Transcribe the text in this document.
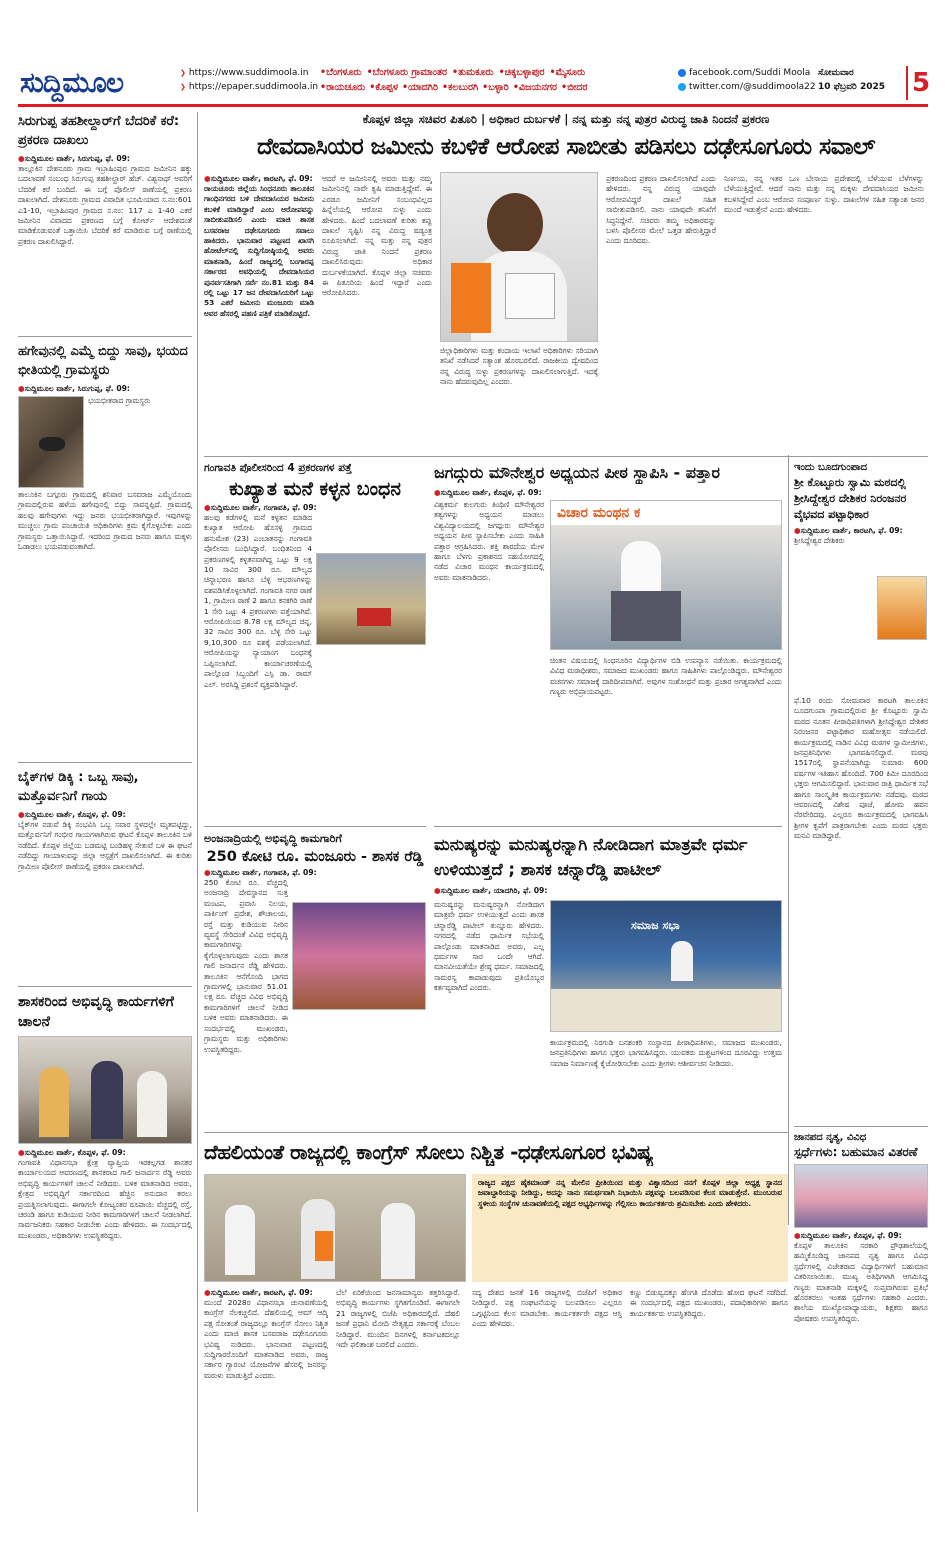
ಸುದ್ದಿಮೂಲ	❯ https://www.suddimoola.in
❯ https://epaper.suddimoola.in
•ಬೆಂಗಳೂರು •ಬೆಂಗಳೂರು ಗ್ರಾಮಾಂತರ •ತುಮಕೂರು •ಚಿಕ್ಕಬಳ್ಳಾಪುರ •ಮೈಸೂರು
•ರಾಯಚೂರು •ಕೊಪ್ಪಳ •ಯಾದಗಿರಿ •ಕಲಬುರಗಿ •ಬಳ್ಳಾರಿ •ವಿಜಯನಗರ •ಬೀದರ
facebook.com/Suddi Moola
twitter.com/@suddimoola22
ಸೋಮವಾರ
10 ಫೆಬ್ರವರಿ 2025	5
ಸಿರುಗುಪ್ಪ ತಹಶೀಲ್ದಾರ್‌ಗೆ ಬೆದರಿಕೆ ಕರೆ: ಪ್ರಕರಣ ದಾಖಲು
●ಸುದ್ದಿಮೂಲ ವಾರ್ತೆ, ಸಿರುಗುಪ್ಪ, ಫೆ. 09:
ತಾಲ್ಲೂಕಿನ ದೇಶನೂರು ಗ್ರಾಮ ಇಬ್ರಾಹಿಂಪುರ ಗ್ರಾಮದ ಜಮೀನಿನ ಹಕ್ಕು ಬದಲಾವಣೆ ಸಂಬಂಧ ಸಿರುಗುಪ್ಪ ತಹಶೀಲ್ದಾರ್ ಹೆಚ್. ವಿಶ್ವನಾಥ್ ಅವರಿಗೆ ಬೆದರಿಕೆ ಕರೆ ಬಂದಿದೆ. ಈ ಬಗ್ಗೆ ಪೊಲೀಸ್ ಠಾಣೆಯಲ್ಲಿ ಪ್ರಕರಣ ದಾಖಲಾಗಿದೆ. ದೇಶನೂರು ಗ್ರಾಮದ ವಿವಾದಿತ ಭೂಮಿಯಾದ ಸ.ನಂ:601 ಎ1-10, ಇಬ್ರಾಹಿಂಪುರ ಗ್ರಾಮದ ಸ.ನಂ: 117 ಎ 1-40 ಎಕರೆ ಜಮೀನಿನ ವಿವಾದದ ಪ್ರಕರಣದ ಬಗ್ಗೆ ಕೋರ್ಟ್ ಆದೇಶದಂತೆ ಮಾಡಿಕೊಡುವಂತೆ ಒತ್ತಾಯಿಸಿ ಬೆದರಿಕೆ ಕರೆ ಮಾಡಿರುವ ಬಗ್ಗೆ ಠಾಣೆಯಲ್ಲಿ ಪ್ರಕರಣ ದಾಖಲಿಸಿದ್ದಾರೆ.
ಹಗೇವುನಲ್ಲಿ ಎಮ್ಮೆ ಬಿದ್ದು ಸಾವು, ಭಯದ ಭೀತಿಯಲ್ಲಿ ಗ್ರಾಮಸ್ಥರು
●ಸುದ್ದಿಮೂಲ ವಾರ್ತೆ, ಸಿರುಗುಪ್ಪ, ಫೆ. 09:
ಭಯಭೀತರಾದ ಗ್ರಾಮಸ್ಥರು
ತಾಲೂಕಿನ ಬಗ್ಗೂರು ಗ್ರಾಮದಲ್ಲಿ ಶನಿವಾರ ಬಸವರಾಜ ಎಮ್ಮೆಯೊಂದು ಗ್ರಾಮದಲ್ಲಿರುವ ಹಳೆಯ ಹಗೇವುನಲ್ಲಿ ಬಿದ್ದು ಸಾವನ್ನಪ್ಪಿದೆ. ಗ್ರಾಮದಲ್ಲಿ ಹಲವು ಹಗೇವುಗಳು ಇದ್ದು ಜನರು ಭಯಭೀತರಾಗಿದ್ದಾರೆ. ಇವುಗಳನ್ನು ಮುಚ್ಚಲು ಗ್ರಾಮ ಪಂಚಾಯಿತಿ ಅಧಿಕಾರಿಗಳು ಕ್ರಮ ಕೈಗೊಳ್ಳಬೇಕು ಎಂದು ಗ್ರಾಮಸ್ಥರು ಒತ್ತಾಯಿಸಿದ್ದಾರೆ. ಇದರಿಂದ ಗ್ರಾಮದ ಜನರು ಹಾಗೂ ಮಕ್ಕಳು ಓಡಾಡಲು ಭಯಪಡುವಂತಾಗಿದೆ.
ಬೈಕ್‌ಗಳ ಡಿಕ್ಕಿ : ಒಬ್ಬ ಸಾವು, ಮತ್ತೊರ್ವನಿಗೆ ಗಾಯ
●ಸುದ್ದಿಮೂಲ ವಾರ್ತೆ, ಕೊಪ್ಪಳ, ಫೆ. 09:
ಬೈಕ್‌ಗಳ ನಡುವೆ ಡಿಕ್ಕಿ ಸಂಭವಿಸಿ ಒಬ್ಬ ಸವಾರ ಸ್ಥಳದಲ್ಲೇ ಮೃತಪಟ್ಟಿದ್ದು, ಮತ್ತೊರ್ವನಿಗೆ ಗಂಭೀರ ಗಾಯಗಳಾಗಿರುವ ಘಟನೆ ಕೊಪ್ಪಳ ತಾಲೂಕಿನ ಬಳಿ ನಡೆದಿದೆ. ಕೊಪ್ಪಳ ಜಿಲ್ಲೆಯ ಬಡಮಟ್ಟಿ ಬಂಡಿಹಳ್ಳ ಸೇತುವೆ ಬಳಿ ಈ ಘಟನೆ ನಡೆದಿದ್ದು ಗಾಯಾಳುವನ್ನು ಜಿಲ್ಲಾ ಆಸ್ಪತ್ರೆಗೆ ದಾಖಲಿಸಲಾಗಿದೆ. ಈ ಕುರಿತು ಗ್ರಾಮೀಣ ಪೊಲೀಸ್ ಠಾಣೆಯಲ್ಲಿ ಪ್ರಕರಣ ದಾಖಲಾಗಿದೆ.
ಶಾಸಕರಿಂದ ಅಭಿವೃದ್ಧಿ ಕಾರ್ಯಗಳಿಗೆ ಚಾಲನೆ
●ಸುದ್ದಿಮೂಲ ವಾರ್ತೆ, ಕೊಪ್ಪಳ, ಫೆ. 09:
ಗಂಗಾವತಿ ವಿಧಾನಸಭಾ ಕ್ಷೇತ್ರ ವ್ಯಾಪ್ತಿಯ ಇರಕಲ್ಲಗಡ ಶಾಸಕರ ಕಾರ್ಯಾಲಯದ ಆವರಣದಲ್ಲಿ ಶಾಸಕರಾದ ಗಾಲಿ ಜನಾರ್ದನ ರೆಡ್ಡಿ ಅವರು ಅಭಿವೃದ್ಧಿ ಕಾರ್ಯಗಳಿಗೆ ಚಾಲನೆ ನೀಡಿದರು. ಬಳಿಕ ಮಾತನಾಡಿದ ಅವರು, ಕ್ಷೇತ್ರದ ಅಭಿವೃದ್ಧಿಗೆ ಸರ್ಕಾರದಿಂದ ಹೆಚ್ಚಿನ ಅನುದಾನ ತರಲು ಪ್ರಯತ್ನಿಸಲಾಗುವುದು. ಈಗಾಗಲೇ ಕೋಟ್ಯಂತರ ರೂಪಾಯಿ ವೆಚ್ಚದಲ್ಲಿ ರಸ್ತೆ, ಚರಂಡಿ ಹಾಗೂ ಕುಡಿಯುವ ನೀರಿನ ಕಾಮಗಾರಿಗಳಿಗೆ ಚಾಲನೆ ನೀಡಲಾಗಿದೆ. ಸಾರ್ವಜನಿಕರು ಸಹಕಾರ ನೀಡಬೇಕು ಎಂದು ಹೇಳಿದರು. ಈ ಸಂದರ್ಭದಲ್ಲಿ ಮುಖಂಡರು, ಅಧಿಕಾರಿಗಳು ಉಪಸ್ಥಿತರಿದ್ದರು.
ಕೊಪ್ಪಳ ಜಿಲ್ಲಾ ಸಚಿವರ ಪಿತೂರಿ | ಅಧಿಕಾರ ದುರ್ಬಳಕೆ | ನನ್ನ ಮತ್ತು ನನ್ನ ಪುತ್ರರ ವಿರುದ್ಧ ಜಾತಿ ನಿಂದನೆ ಪ್ರಕರಣ
ದೇವದಾಸಿಯರ ಜಮೀನು ಕಬಳಿಕೆ ಆರೋಪ ಸಾಬೀತು ಪಡಿಸಲು ದಢೇಸೂಗೂರು ಸವಾಲ್
●ಸುದ್ದಿಮೂಲ ವಾರ್ತೆ, ಕಾರಟಗಿ, ಫೆ. 09:
ರಾಯಚೂರು ಜಿಲ್ಲೆಯ ಸಿಂಧನೂರು ತಾಲೂಕಿನ ಗಾಂಧಿನಗರದ ಬಳಿ ದೇವದಾಸಿಯರ ಜಮೀನು ಕಬಳಿಕೆ ಮಾಡಿದ್ದಾರೆ ಎಂಬ ಆರೋಪವನ್ನು ಸಾಬೀತುಪಡಿಸಲಿ ಎಂದು ಮಾಜಿ ಶಾಸಕ ಬಸವರಾಜ ದಢೇಸೂಗೂರು ಸವಾಲು ಹಾಕಿದರು. ಭಾನುವಾರ ಪಟ್ಟಣದ ಖಾಸಗಿ ಹೋಟೆಲ್‌ನಲ್ಲಿ ಸುದ್ದಿಗೋಷ್ಠಿಯಲ್ಲಿ ಅವರು ಮಾತನಾಡಿ, ಹಿಂದೆ ರಾಜ್ಯದಲ್ಲಿ ಬಂಗಾರಪ್ಪ ಸರ್ಕಾರದ ಅವಧಿಯಲ್ಲಿ ದೇವದಾಸಿಯರ ಪುನರ್ವಸತಿಗಾಗಿ ಸರ್ವೆ ನಂ.81 ಮತ್ತು 84 ರಲ್ಲಿ ಒಟ್ಟು 17 ಜನ ದೇವದಾಸಿಯರಿಗೆ ಒಟ್ಟು 53 ಎಕರೆ ಜಮೀನು ಮಂಜೂರು ಮಾಡಿ ಅವರ ಹೆಸರಲ್ಲಿ ಪಹಣಿ ಪತ್ರಿಕೆ ಮಾಡಿಕೊಟ್ಟಿದೆ.
ಆದರೆ ಆ ಜಮೀನಿನಲ್ಲಿ ಅವರು ಮತ್ತು ನಮ್ಮ ಜಮೀನಿನಲ್ಲಿ ನಾವೇ ಕೃಷಿ ಮಾಡುತ್ತಿದ್ದೇವೆ. ಈ ಎರಡೂ ಜಮೀನಿಗೆ ಸಂಬಂಧವಿಲ್ಲದ ಹಿನ್ನೆಲೆಯಲ್ಲಿ ಆರೋಪ ಸುಳ್ಳು ಎಂದು ಹೇಳಿದರು. ಹಿಂದೆ ಬದಲಾವಣೆ ಕುರಿತು ತಪ್ಪು ದಾಖಲೆ ಸೃಷ್ಟಿಸಿ ನನ್ನ ವಿರುದ್ಧ ಷಡ್ಯಂತ್ರ ರೂಪಿಸಲಾಗಿದೆ. ನನ್ನ ಮತ್ತು ನನ್ನ ಪುತ್ರರ ವಿರುದ್ಧ ಜಾತಿ ನಿಂದನೆ ಪ್ರಕರಣ ದಾಖಲಿಸಿರುವುದು ಅಧಿಕಾರ ದುರ್ಬಳಕೆಯಾಗಿದೆ. ಕೊಪ್ಪಳ ಜಿಲ್ಲಾ ಸಚಿವರು ಈ ಪಿತೂರಿಯ ಹಿಂದೆ ಇದ್ದಾರೆ ಎಂದು ಆರೋಪಿಸಿದರು.
ಜಿಲ್ಲಾಧಿಕಾರಿಗಳು ಮತ್ತು ಕಂದಾಯ ಇಲಾಖೆ ಅಧಿಕಾರಿಗಳು ಸರಿಯಾಗಿ ತನಿಖೆ ನಡೆಸಿದರೆ ಸತ್ಯಾಂಶ ಹೊರಬರಲಿದೆ. ರಾಜಕೀಯ ದ್ವೇಷದಿಂದ ನನ್ನ ವಿರುದ್ಧ ಸುಳ್ಳು ಪ್ರಕರಣಗಳನ್ನು ದಾಖಲಿಸಲಾಗುತ್ತಿದೆ. ಇದಕ್ಕೆ ನಾನು ಹೆದರುವುದಿಲ್ಲ ಎಂದರು.
ಪ್ರಕರಣದಿಂದ ಪ್ರಕರಣ ದಾಖಲಿಸಲಾಗಿದೆ ಎಂದು ಹೇಳಿದರು. ನನ್ನ ವಿರುದ್ಧ ಯಾವುದೇ ಆರೋಪವಿದ್ದರೆ ದಾಖಲೆ ಸಹಿತ ಸಾಬೀತುಪಡಿಸಲಿ. ನಾನು ಯಾವುದೇ ತನಿಖೆಗೆ ಸಿದ್ಧನಿದ್ದೇನೆ. ಸಚಿವರು ತಮ್ಮ ಅಧಿಕಾರವನ್ನು ಬಳಸಿ ಪೊಲೀಸರ ಮೇಲೆ ಒತ್ತಡ ಹೇರುತ್ತಿದ್ದಾರೆ ಎಂದು ದೂರಿದರು.
ನಿರ್ಣಯ, ನನ್ನ ಇತರ ಒಣ ಬೇಸಾಯ ಪ್ರದೇಶದಲ್ಲಿ ಬೆಳೆಯುವ ಬೆಳೆಗಳನ್ನು ಬೆಳೆಯುತ್ತಿದ್ದೇವೆ. ಆದರೆ ನಾನು ಮತ್ತು ನನ್ನ ಮಕ್ಕಳು ದೇವದಾಸಿಯರ ಜಮೀನು ಕಬಳಿಸಿದ್ದೇವೆ ಎಂಬ ಆರೋಪ ಸಂಪೂರ್ಣ ಸುಳ್ಳು. ದಾಖಲೆಗಳ ಸಹಿತ ಸತ್ಯಾಂಶ ಜನರ ಮುಂದೆ ಇಡುತ್ತೇನೆ ಎಂದು ಹೇಳಿದರು.
ಗಂಗಾವತಿ ಪೊಲೀಸರಿಂದ 4 ಪ್ರಕರಣಗಳ ಪತ್ತೆ
ಕುಖ್ಯಾತ ಮನೆ ಕಳ್ಳನ ಬಂಧನ
●ಸುದ್ದಿಮೂಲ ವಾರ್ತೆ, ಗಂಗಾವತಿ, ಫೆ. 09:
ಹಲವು ಕಡೆಗಳಲ್ಲಿ ಮನೆ ಕಳ್ಳತನ ಮಾಡಿದ ಕುಖ್ಯಾತ ಆರೋಪಿ ಹೊಸಳ್ಳಿ ಗ್ರಾಮದ ಹನುಮೇಶ (23) ಎಂಬಾತನನ್ನು ಗಂಗಾವತಿ ಪೊಲೀಸರು ಬಂಧಿಸಿದ್ದಾರೆ. ಬಂಧಿತನಿಂದ 4 ಪ್ರಕರಣಗಳಲ್ಲಿ ಕಳ್ಳತನವಾಗಿದ್ದ ಒಟ್ಟು 9 ಲಕ್ಷ 10 ಸಾವಿರ 300 ರೂ. ಮೌಲ್ಯದ ಚಿನ್ನಾಭರಣ ಹಾಗೂ ಬೆಳ್ಳಿ ಆಭರಣಗಳನ್ನು ವಶಪಡಿಸಿಕೊಳ್ಳಲಾಗಿದೆ. ಗಂಗಾವತಿ ನಗರ ಠಾಣೆ 1, ಗ್ರಾಮೀಣ ಠಾಣೆ 2 ಹಾಗೂ ಕನಕಗಿರಿ ಠಾಣೆ 1 ಸೇರಿ ಒಟ್ಟು 4 ಪ್ರಕರಣಗಳು ಪತ್ತೆಯಾಗಿವೆ. ಆರೋಪಿಯಿಂದ 8.78 ಲಕ್ಷ ಮೌಲ್ಯದ ಚಿನ್ನ, 32 ಸಾವಿರ 300 ರೂ. ಬೆಳ್ಳಿ ಸೇರಿ ಒಟ್ಟು 9,10,300 ರೂ ವಶಕ್ಕೆ ಪಡೆಯಲಾಗಿದೆ. ಆರೋಪಿಯನ್ನು ನ್ಯಾಯಾಂಗ ಬಂಧನಕ್ಕೆ ಒಪ್ಪಿಸಲಾಗಿದೆ. ಕಾರ್ಯಾಚರಣೆಯಲ್ಲಿ ಪಾಲ್ಗೊಂಡ ಸಿಬ್ಬಂದಿಗೆ ಎಸ್ಪಿ ಡಾ. ರಾಮ್ ಎಲ್. ಅರಸಿದ್ದಿ ಪ್ರಶಂಸೆ ವ್ಯಕ್ತಪಡಿಸಿದ್ದಾರೆ.
ಜಗದ್ಗುರು ಮೌನೇಶ್ವರ ಅಧ್ಯಯನ ಪೀಠ ಸ್ಥಾಪಿಸಿ - ಪತ್ತಾರ
●ಸುದ್ದಿಮೂಲ ವಾರ್ತೆ, ಕೊಪ್ಪಳ, ಫೆ. 09:
ವಿಶ್ವಕರ್ಮ ಕುಲಗುರು ತಿಂಥಿಣಿ ಮೌನೇಶ್ವರರ ತತ್ವಗಳನ್ನು ಅಧ್ಯಯನ ಮಾಡಲು ವಿಶ್ವವಿದ್ಯಾಲಯದಲ್ಲಿ ಜಗದ್ಗುರು ಮೌನೇಶ್ವರ ಅಧ್ಯಯನ ಪೀಠ ಸ್ಥಾಪಿಸಬೇಕು ಎಂದು ಸಾಹಿತಿ ಪತ್ತಾರ ಆಗ್ರಹಿಸಿದರು. ಶಕ್ತಿ ಶಾರದೆಯ ಮೇಳ ಹಾಗೂ ಬೆಳಗು ಪ್ರಕಾಶನದ ಸಹಯೋಗದಲ್ಲಿ ನಡೆದ ವಿಚಾರ ಮಂಥನ ಕಾರ್ಯಕ್ರಮದಲ್ಲಿ ಅವರು ಮಾತನಾಡಿದರು.
ವಿಚಾರ ಮಂಥನ ಕ
ಚಿಂತನ ವಿಷಯದಲ್ಲಿ ಸಿಂಧನೂರಿನ ವಿದ್ಯಾರ್ಥಿಗಳ ಬಿಡಿ ಉಪನ್ಯಾಸ ನಡೆಯಿತು. ಕಾರ್ಯಕ್ರಮದಲ್ಲಿ ವಿವಿಧ ಮಠಾಧೀಶರು, ಸಮಾಜದ ಮುಖಂಡರು ಹಾಗೂ ಸಾಹಿತಿಗಳು ಪಾಲ್ಗೊಂಡಿದ್ದರು. ಮೌನೇಶ್ವರರ ವಚನಗಳು ಸಮಾಜಕ್ಕೆ ದಾರಿದೀಪವಾಗಿವೆ. ಅವುಗಳ ಸಂಶೋಧನೆ ಮತ್ತು ಪ್ರಚಾರ ಅಗತ್ಯವಾಗಿದೆ ಎಂದು ಗಣ್ಯರು ಅಭಿಪ್ರಾಯಪಟ್ಟರು.
ಅಂಜನಾದ್ರಿಯಲ್ಲಿ ಅಭಿವೃದ್ಧಿ ಕಾಮಗಾರಿಗೆ
250 ಕೋಟಿ ರೂ. ಮಂಜೂರು - ಶಾಸಕ ರೆಡ್ಡಿ
●ಸುದ್ದಿಮೂಲ ವಾರ್ತೆ, ಗಂಗಾವತಿ, ಫೆ. 09:
250 ಕೋಟಿ ರೂ. ವೆಚ್ಚದಲ್ಲಿ ಅಂಜನಾದ್ರಿ ದೇವಸ್ಥಾನದ ಸುತ್ತ ಮಂಟಪ, ಪ್ರವಾಸಿ ನಿಲಯ, ಪಾರ್ಕಿಂಗ್ ಪ್ರದೇಶ, ಶೌಚಾಲಯ, ರಸ್ತೆ ಮತ್ತು ಕುಡಿಯುವ ನೀರಿನ ವ್ಯವಸ್ಥೆ ಸೇರಿದಂತೆ ವಿವಿಧ ಅಭಿವೃದ್ಧಿ ಕಾಮಗಾರಿಗಳನ್ನು ಕೈಗೊಳ್ಳಲಾಗುವುದು ಎಂದು ಶಾಸಕ ಗಾಲಿ ಜನಾರ್ದನ ರೆಡ್ಡಿ ಹೇಳಿದರು. ತಾಲೂಕಿನ ಆನೆಗೊಂದಿ ಭಾಗದ ಗ್ರಾಮಗಳಲ್ಲಿ ಭಾನುವಾರ 51.01 ಲಕ್ಷ ರೂ. ವೆಚ್ಚದ ವಿವಿಧ ಅಭಿವೃದ್ಧಿ ಕಾಮಗಾರಿಗಳಿಗೆ ಚಾಲನೆ ನೀಡಿದ ಬಳಿಕ ಅವರು ಮಾತನಾಡಿದರು. ಈ ಸಂದರ್ಭದಲ್ಲಿ ಮುಖಂಡರು, ಗ್ರಾಮಸ್ಥರು ಮತ್ತು ಅಧಿಕಾರಿಗಳು ಉಪಸ್ಥಿತರಿದ್ದರು.
ಮನುಷ್ಯರನ್ನು ಮನುಷ್ಯರನ್ನಾಗಿ ನೋಡಿದಾಗ ಮಾತ್ರವೇ ಧರ್ಮ ಉಳಿಯುತ್ತದೆ ; ಶಾಸಕ ಚನ್ನಾರೆಡ್ಡಿ ಪಾಟೀಲ್
●ಸುದ್ದಿಮೂಲ ವಾರ್ತೆ, ಯಾದಗಿರಿ, ಫೆ. 09:
ಮನುಷ್ಯರನ್ನು ಮನುಷ್ಯರನ್ನಾಗಿ ನೋಡಿದಾಗ ಮಾತ್ರವೇ ಧರ್ಮ ಉಳಿಯುತ್ತದೆ ಎಂದು ಶಾಸಕ ಚನ್ನಾರೆಡ್ಡಿ ಪಾಟೀಲ್ ತುನ್ನೂರು ಹೇಳಿದರು. ನಗರದಲ್ಲಿ ನಡೆದ ಧಾರ್ಮಿಕ ಸಭೆಯಲ್ಲಿ ಪಾಲ್ಗೊಂಡು ಮಾತನಾಡಿದ ಅವರು, ಎಲ್ಲ ಧರ್ಮಗಳ ಸಾರ ಒಂದೇ ಆಗಿದೆ. ಮಾನವೀಯತೆಯೇ ಶ್ರೇಷ್ಠ ಧರ್ಮ. ಸಮಾಜದಲ್ಲಿ ಸಾಮರಸ್ಯ ಕಾಪಾಡುವುದು ಪ್ರತಿಯೊಬ್ಬರ ಕರ್ತವ್ಯವಾಗಿದೆ ಎಂದರು.
ಸಮಾಜ ಸಭಾ
ಕಾರ್ಯಕ್ರಮದಲ್ಲಿ ನಿರಗುಡಿ ಬನಶಂಕರಿ ಸಂಸ್ಥಾನದ ಪೀಠಾಧಿಪತಿಗಳು, ಸಮಾಜದ ಮುಖಂಡರು, ಜನಪ್ರತಿನಿಧಿಗಳು ಹಾಗೂ ಭಕ್ತರು ಭಾಗವಹಿಸಿದ್ದರು. ಯುವಕರು ದುಶ್ಚಟಗಳಿಂದ ದೂರವಿದ್ದು ಉತ್ತಮ ಸಮಾಜ ನಿರ್ಮಾಣಕ್ಕೆ ಕೈಜೋಡಿಸಬೇಕು ಎಂದು ಶ್ರೀಗಳು ಆಶೀರ್ವಚನ ನೀಡಿದರು.
ಇಂದು ಬೂದಗುಂಪಾದ
ಶ್ರೀ ಕೊಟ್ಟೂರು ಸ್ವಾಮಿ ಮಠದಲ್ಲಿ ಶ್ರೀಸಿದ್ದೇಶ್ವರ ದೇಶಿಕರ ನಿರಂಜನರ ವೈಭವದ ಪಟ್ಟಾಧಿಕಾರ
●ಸುದ್ದಿಮೂಲ ವಾರ್ತೆ, ಕಾರಟಗಿ, ಫೆ. 09:
ಶ್ರೀಸಿದ್ದೇಶ್ವರ ದೇಶಿಕರು
ಫೆ.10 ರಂದು ಸೋಮವಾರ ಕಾರಟಗಿ ತಾಲೂಕಿನ ಬೂದಗುಂಪಾ ಗ್ರಾಮದಲ್ಲಿರುವ ಶ್ರೀ ಕೊಟ್ಟೂರು ಸ್ವಾಮಿ ಮಠದ ನೂತನ ಪೀಠಾಧಿಪತಿಗಳಾಗಿ ಶ್ರೀಸಿದ್ದೇಶ್ವರ ದೇಶಿಕರ ನಿರಂಜನರ ಪಟ್ಟಾಧಿಕಾರ ಮಹೋತ್ಸವ ನಡೆಯಲಿದೆ. ಕಾರ್ಯಕ್ರಮದಲ್ಲಿ ನಾಡಿನ ವಿವಿಧ ಮಠಗಳ ಸ್ವಾಮೀಜಿಗಳು, ಜನಪ್ರತಿನಿಧಿಗಳು ಭಾಗವಹಿಸಲಿದ್ದಾರೆ. ಮಠವು 1517ರಲ್ಲಿ ಸ್ಥಾಪನೆಯಾಗಿದ್ದು ಸುಮಾರು 600 ವರ್ಷಗಳ ಇತಿಹಾಸ ಹೊಂದಿದೆ. 700 ಕಿಮೀ ದೂರದಿಂದ ಭಕ್ತರು ಆಗಮಿಸಲಿದ್ದಾರೆ. ಭಾನುವಾರ ರಾತ್ರಿ ಧಾರ್ಮಿಕ ಸಭೆ ಹಾಗೂ ಸಾಂಸ್ಕೃತಿಕ ಕಾರ್ಯಕ್ರಮಗಳು ನಡೆದವು. ಮಠದ ಆವರಣದಲ್ಲಿ ವಿಶೇಷ ಪೂಜೆ, ಹೋಮ ಹವನ ನೆರವೇರಿದವು. ಎಲ್ಲರೂ ಕಾರ್ಯಕ್ರಮದಲ್ಲಿ ಭಾಗವಹಿಸಿ ಶ್ರೀಗಳ ಕೃಪೆಗೆ ಪಾತ್ರರಾಗಬೇಕು ಎಂದು ಮಠದ ಭಕ್ತರು ಮನವಿ ಮಾಡಿದ್ದಾರೆ.
ಜಾನಪದ ನೃತ್ಯ, ವಿವಿಧ
ಸ್ಪರ್ಧೆಗಳು: ಬಹುಮಾನ ವಿತರಣೆ
●ಸುದ್ದಿಮೂಲ ವಾರ್ತೆ, ಕೊಪ್ಪಳ, ಫೆ. 09:
ಕೊಪ್ಪಳ ತಾಲೂಕಿನ ಸರಕಾರಿ ಪ್ರೌಢಶಾಲೆಯಲ್ಲಿ ಹಮ್ಮಿಕೊಂಡಿದ್ದ ಜಾನಪದ ನೃತ್ಯ ಹಾಗೂ ವಿವಿಧ ಸ್ಪರ್ಧೆಗಳಲ್ಲಿ ವಿಜೇತರಾದ ವಿದ್ಯಾರ್ಥಿಗಳಿಗೆ ಬಹುಮಾನ ವಿತರಿಸಲಾಯಿತು. ಮುಖ್ಯ ಅತಿಥಿಗಳಾಗಿ ಆಗಮಿಸಿದ್ದ ಗಣ್ಯರು ಮಾತನಾಡಿ ಮಕ್ಕಳಲ್ಲಿ ಸುಪ್ತವಾಗಿರುವ ಪ್ರತಿಭೆ ಹೊರತರಲು ಇಂತಹ ಸ್ಪರ್ಧೆಗಳು ಸಹಕಾರಿ ಎಂದರು. ಶಾಲೆಯ ಮುಖ್ಯೋಪಾಧ್ಯಾಯರು, ಶಿಕ್ಷಕರು ಹಾಗೂ ಪೋಷಕರು ಉಪಸ್ಥಿತರಿದ್ದರು.
ದೆಹಲಿಯಂತೆ ರಾಜ್ಯದಲ್ಲಿ ಕಾಂಗ್ರೆಸ್ ಸೋಲು ನಿಶ್ಚಿತ -ಧಢೇಸೂಗೂರ ಭವಿಷ್ಯ
ರಾಜ್ಯದ ಪಕ್ಷದ ಹೈಕಮಾಂಡ್ ನನ್ನ ಮೇಲಿನ ಪ್ರೀತಿಯಿಂದ ಮತ್ತು ವಿಶ್ವಾಸದಿಂದ ನನಗೆ ಕೊಪ್ಪಳ ಜಿಲ್ಲಾ ಅಧ್ಯಕ್ಷ ಸ್ಥಾನದ ಜವಾಬ್ದಾರಿಯನ್ನು ನೀಡಿದ್ದು, ಅದನ್ನು ನಾನು ಸಮರ್ಥವಾಗಿ ನಿಭಾಯಿಸಿ ಪಕ್ಷವನ್ನು ಬಲಪಡಿಸುವ ಕೆಲಸ ಮಾಡುತ್ತೇನೆ. ಮುಂಬರುವ ಸ್ಥಳೀಯ ಸಂಸ್ಥೆಗಳ ಚುನಾವಣೆಯಲ್ಲಿ ಪಕ್ಷದ ಅಭ್ಯರ್ಥಿಗಳನ್ನು ಗೆಲ್ಲಿಸಲು ಕಾರ್ಯಕರ್ತರು ಶ್ರಮಿಸಬೇಕು ಎಂದು ಹೇಳಿದರು.
●ಸುದ್ದಿಮೂಲ ವಾರ್ತೆ, ಕಾರಟಗಿ, ಫೆ. 09:
ಮುಂದೆ 2028ರ ವಿಧಾನಸಭಾ ಚುನಾವಣೆಯಲ್ಲಿ ಕಾಂಗ್ರೆಸ್ ನೆಲಕಚ್ಚಲಿದೆ. ದೆಹಲಿಯಲ್ಲಿ ಆಮ್ ಆದ್ಮಿ ಪಕ್ಷ ಸೋತಂತೆ ರಾಜ್ಯದಲ್ಲೂ ಕಾಂಗ್ರೆಸ್ ಸೋಲು ನಿಶ್ಚಿತ ಎಂದು ಮಾಜಿ ಶಾಸಕ ಬಸವರಾಜ ದಢೇಸೂಗೂರು ಭವಿಷ್ಯ ನುಡಿದರು. ಭಾನುವಾರ ಪಟ್ಟಣದಲ್ಲಿ ಸುದ್ದಿಗಾರರೊಂದಿಗೆ ಮಾತನಾಡಿದ ಅವರು, ರಾಜ್ಯ ಸರ್ಕಾರ ಗ್ಯಾರಂಟಿ ಯೋಜನೆಗಳ ಹೆಸರಲ್ಲಿ ಜನರನ್ನು ಮರುಳು ಮಾಡುತ್ತಿದೆ ಎಂದರು.
ಬೆಲೆ ಏರಿಕೆಯಿಂದ ಜನಸಾಮಾನ್ಯರು ತತ್ತರಿಸಿದ್ದಾರೆ. ಅಭಿವೃದ್ಧಿ ಕಾರ್ಯಗಳು ಸ್ಥಗಿತಗೊಂಡಿವೆ. ಈಗಾಗಲೇ 21 ರಾಜ್ಯಗಳಲ್ಲಿ ಬಿಜೆಪಿ ಅಧಿಕಾರದಲ್ಲಿದೆ. ದೆಹಲಿ ಜನತೆ ಪ್ರಧಾನಿ ಮೋದಿ ನೇತೃತ್ವದ ಸರ್ಕಾರಕ್ಕೆ ಬೆಂಬಲ ನೀಡಿದ್ದಾರೆ. ಮುಂದಿನ ದಿನಗಳಲ್ಲಿ ಕರ್ನಾಟಕದಲ್ಲೂ ಇದೇ ಫಲಿತಾಂಶ ಬರಲಿದೆ ಎಂದರು.
ಸದ್ಯ ದೇಶದ ಜನತೆ 16 ರಾಜ್ಯಗಳಲ್ಲಿ ಬಿಜೆಪಿಗೆ ಅಧಿಕಾರ ನೀಡಿದ್ದಾರೆ. ಪಕ್ಷ ಸಂಘಟನೆಯನ್ನು ಬಲಪಡಿಸಲು ಎಲ್ಲರೂ ಒಗ್ಗಟ್ಟಿನಿಂದ ಕೆಲಸ ಮಾಡಬೇಕು. ಕಾರ್ಯಕರ್ತರೇ ಪಕ್ಷದ ಆಸ್ತಿ ಎಂದು ಹೇಳಿದರು.
ಕಣ್ಣು ಬಿಡುವ್ವದಕ್ಕೂ ಹೆಂಗತಿ ದೊಡೆದು ಹೋದ ಘಟನೆ ನಡೆದಿದೆ. ಈ ಸಂದರ್ಭದಲ್ಲಿ ಪಕ್ಷದ ಮುಖಂಡರು, ಪದಾಧಿಕಾರಿಗಳು ಹಾಗೂ ಕಾರ್ಯಕರ್ತರು ಉಪಸ್ಥಿತರಿದ್ದರು.
